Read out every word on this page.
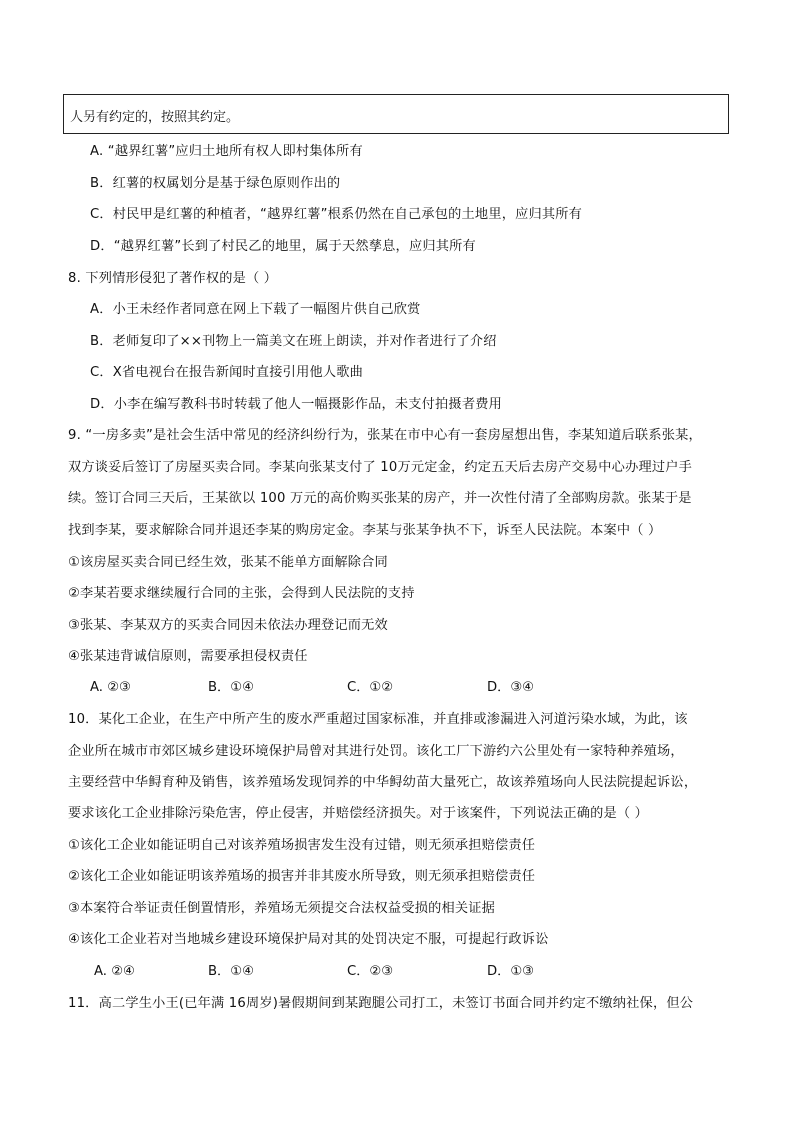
人另有约定的，按照其约定。
A. “越界红薯”应归土地所有权人即村集体所有
B．红薯的权属划分是基于绿色原则作出的
C．村民甲是红薯的种植者，“越界红薯”根系仍然在自己承包的土地里，应归其所有
D．“越界红薯”长到了村民乙的地里，属于天然孳息，应归其所有
8. 下列情形侵犯了著作权的是（ ）
A．小王未经作者同意在网上下载了一幅图片供自己欣赏
B．老师复印了××刊物上一篇美文在班上朗读，并对作者进行了介绍
C．X省电视台在报告新闻时直接引用他人歌曲
D．小李在编写教科书时转载了他人一幅摄影作品，未支付拍摄者费用
9. “一房多卖”是社会生活中常见的经济纠纷行为，张某在市中心有一套房屋想出售，李某知道后联系张某，
双方谈妥后签订了房屋买卖合同。李某向张某支付了 10万元定金，约定五天后去房产交易中心办理过户手
续。签订合同三天后，王某欲以 100 万元的高价购买张某的房产，并一次性付清了全部购房款。张某于是
找到李某，要求解除合同并退还李某的购房定金。李某与张某争执不下，诉至人民法院。本案中（ ）
①该房屋买卖合同已经生效，张某不能单方面解除合同
②李某若要求继续履行合同的主张，会得到人民法院的支持
③张某、李某双方的买卖合同因未依法办理登记而无效
④张某违背诚信原则，需要承担侵权责任
A. ②③	B．①④	C．①②	D．③④
10．某化工企业，在生产中所产生的废水严重超过国家标准，并直排或渗漏进入河道污染水域，为此，该
企业所在城市市郊区城乡建设环境保护局曾对其进行处罚。该化工厂下游约六公里处有一家特种养殖场，
主要经营中华鲟育种及销售，该养殖场发现饲养的中华鲟幼苗大量死亡，故该养殖场向人民法院提起诉讼，
要求该化工企业排除污染危害，停止侵害，并赔偿经济损失。对于该案件，下列说法正确的是（ ）
①该化工企业如能证明自己对该养殖场损害发生没有过错，则无须承担赔偿责任
②该化工企业如能证明该养殖场的损害并非其废水所导致，则无须承担赔偿责任
③本案符合举证责任倒置情形，养殖场无须提交合法权益受损的相关证据
④该化工企业若对当地城乡建设环境保护局对其的处罚决定不服，可提起行政诉讼
A. ②④	B．①④	C．②③	D．①③
11．高二学生小王(已年满 16周岁)暑假期间到某跑腿公司打工，未签订书面合同并约定不缴纳社保，但公
